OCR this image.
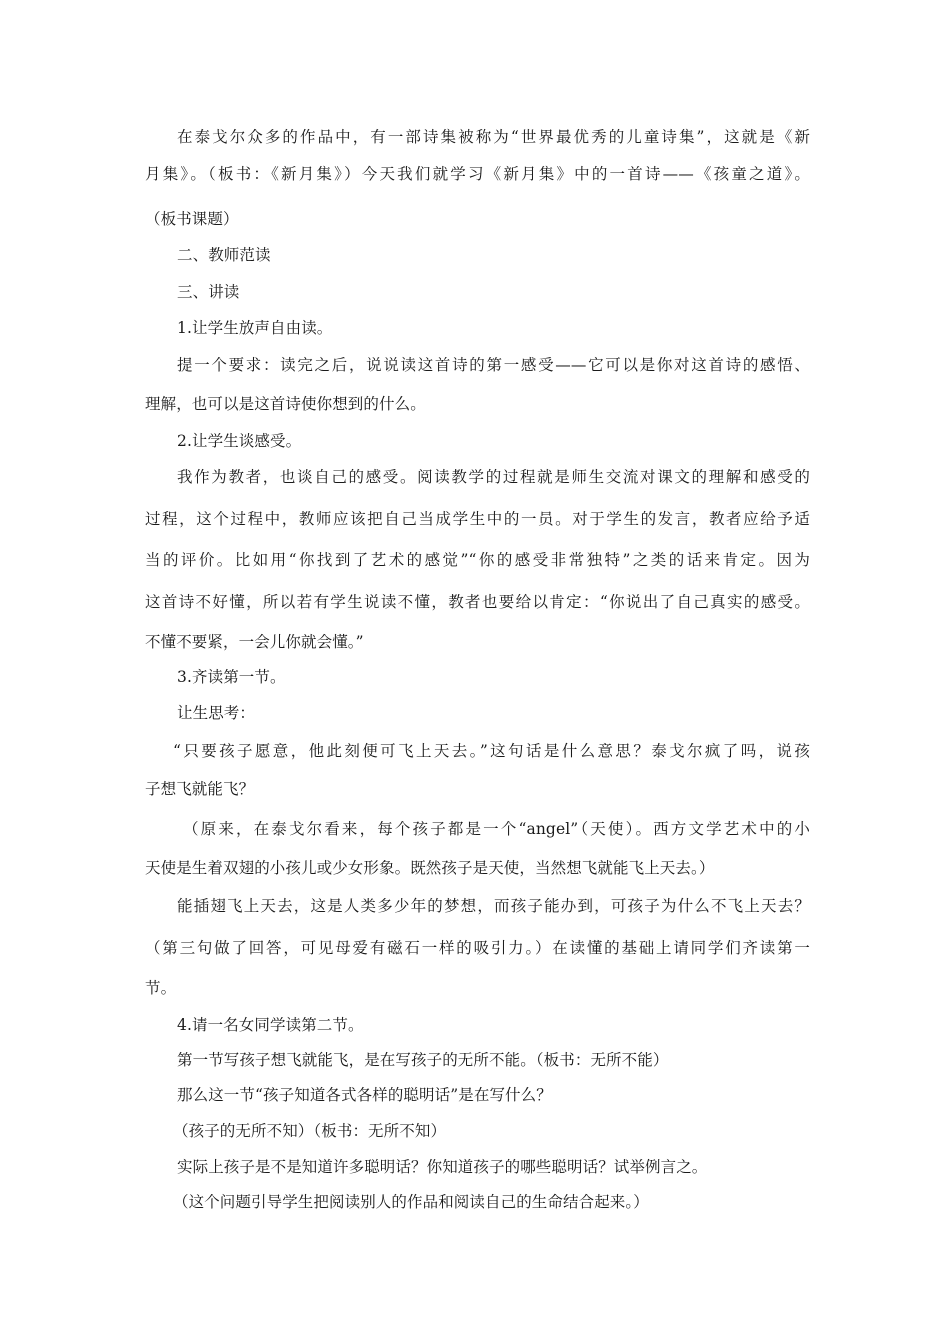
在泰戈尔众多的作品中，有一部诗集被称为“世界最优秀的儿童诗集”，这就是《新
月集》。（板书：《新月集》）今天我们就学习《新月集》中的一首诗——《孩童之道》。
（板书课题）
二、教师范读
三、讲读
1.让学生放声自由读。
提一个要求：读完之后，说说读这首诗的第一感受——它可以是你对这首诗的感悟、
理解，也可以是这首诗使你想到的什么。
2.让学生谈感受。
我作为教者，也谈自己的感受。阅读教学的过程就是师生交流对课文的理解和感受的
过程，这个过程中，教师应该把自己当成学生中的一员。对于学生的发言，教者应给予适
当的评价。比如用“你找到了艺术的感觉”“你的感受非常独特”之类的话来肯定。因为
这首诗不好懂，所以若有学生说读不懂，教者也要给以肯定：“你说出了自己真实的感受。
不懂不要紧，一会儿你就会懂。”
3.齐读第一节。
让生思考：
“只要孩子愿意，他此刻便可飞上天去。”这句话是什么意思？泰戈尔疯了吗，说孩
子想飞就能飞？
（原来，在泰戈尔看来，每个孩子都是一个“angel”（天使）。西方文学艺术中的小
天使是生着双翅的小孩儿或少女形象。既然孩子是天使，当然想飞就能飞上天去。）
能插翅飞上天去，这是人类多少年的梦想，而孩子能办到，可孩子为什么不飞上天去？
（第三句做了回答，可见母爱有磁石一样的吸引力。）在读懂的基础上请同学们齐读第一
节。
4.请一名女同学读第二节。
第一节写孩子想飞就能飞，是在写孩子的无所不能。（板书：无所不能）
那么这一节“孩子知道各式各样的聪明话”是在写什么？
（孩子的无所不知）（板书：无所不知）
实际上孩子是不是知道许多聪明话？你知道孩子的哪些聪明话？试举例言之。
（这个问题引导学生把阅读别人的作品和阅读自己的生命结合起来。）
